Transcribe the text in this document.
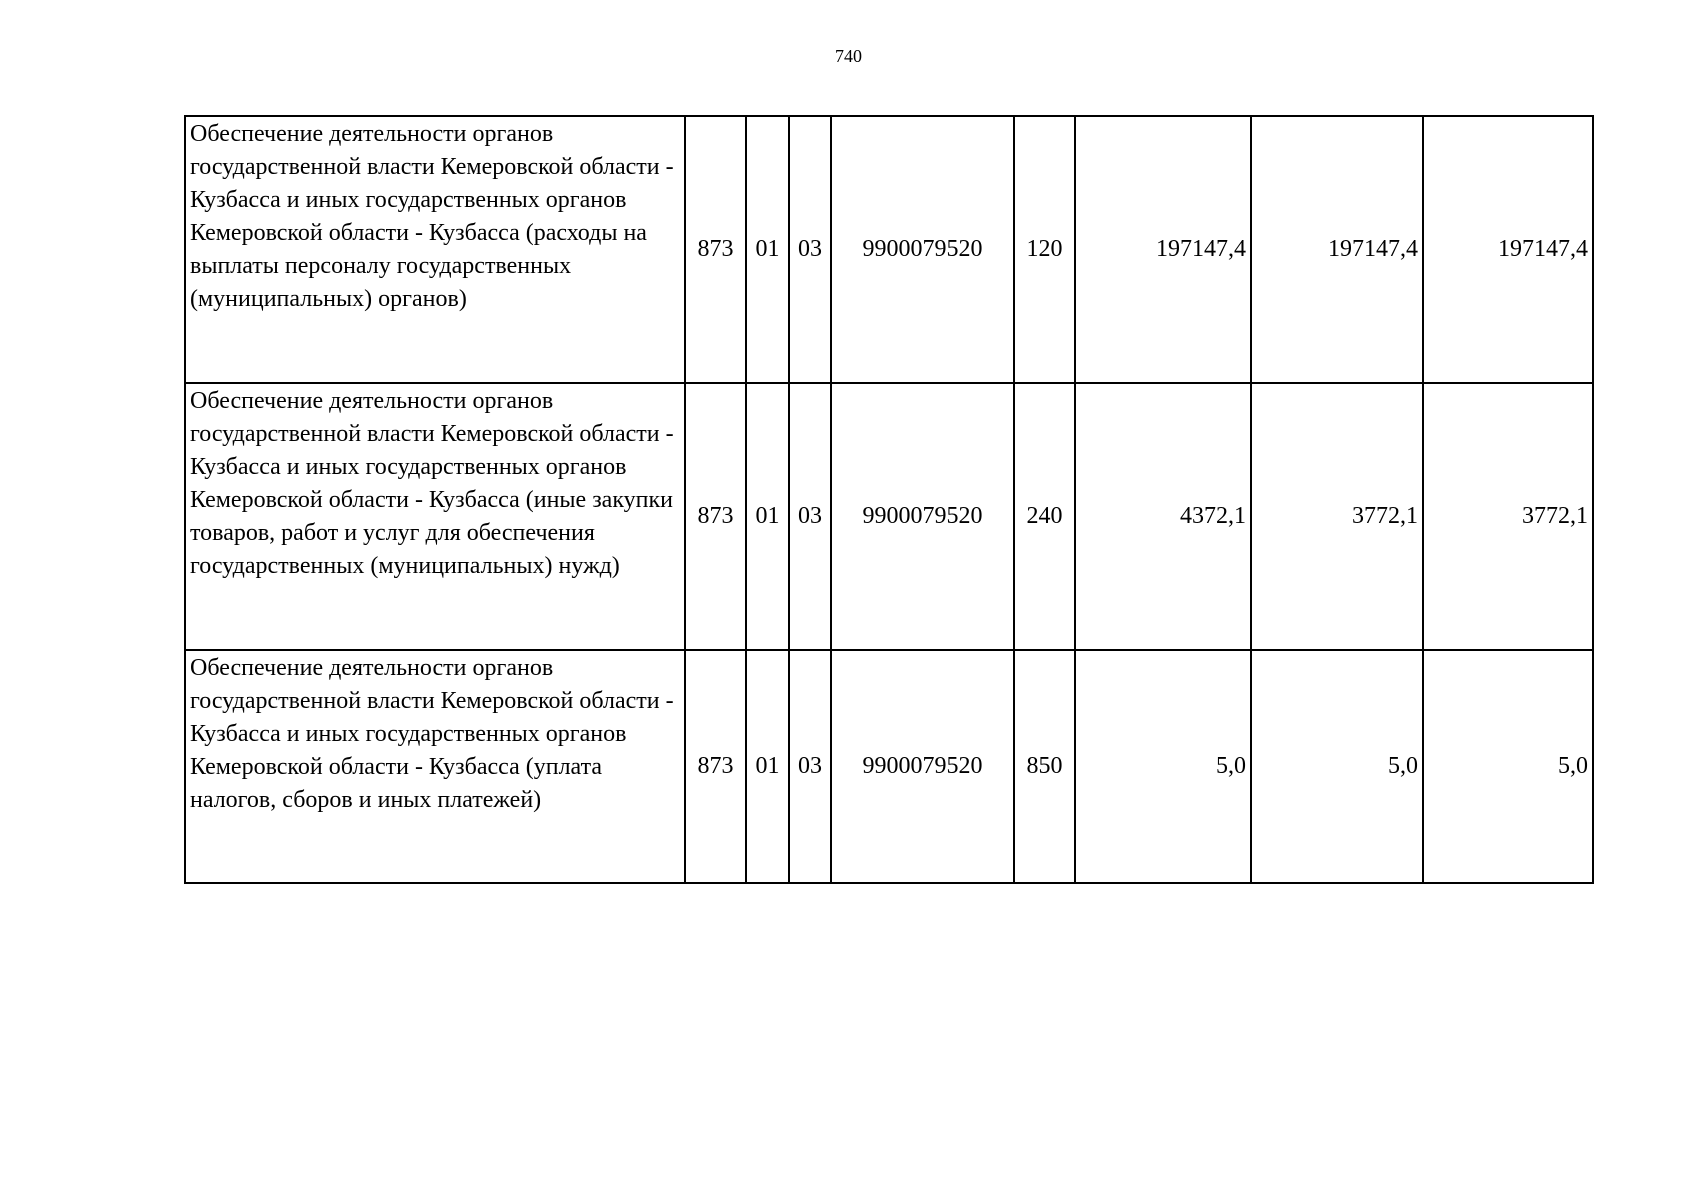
740
Обеспечение деятельности органов государственной власти Кемеровской области - Кузбасса и иных государственных органов Кемеровской области - Кузбасса (расходы на выплаты персоналу государственных (муниципальных) органов)	873	01	03	9900079520	120	197147,4	197147,4	197147,4
Обеспечение деятельности органов государственной власти Кемеровской области - Кузбасса и иных государственных органов Кемеровской области - Кузбасса (иные закупки товаров, работ и услуг для обеспечения государственных (муниципальных) нужд)	873	01	03	9900079520	240	4372,1	3772,1	3772,1
Обеспечение деятельности органов государственной власти Кемеровской области - Кузбасса и иных государственных органов Кемеровской области - Кузбасса (уплата налогов, сборов и иных платежей)	873	01	03	9900079520	850	5,0	5,0	5,0
